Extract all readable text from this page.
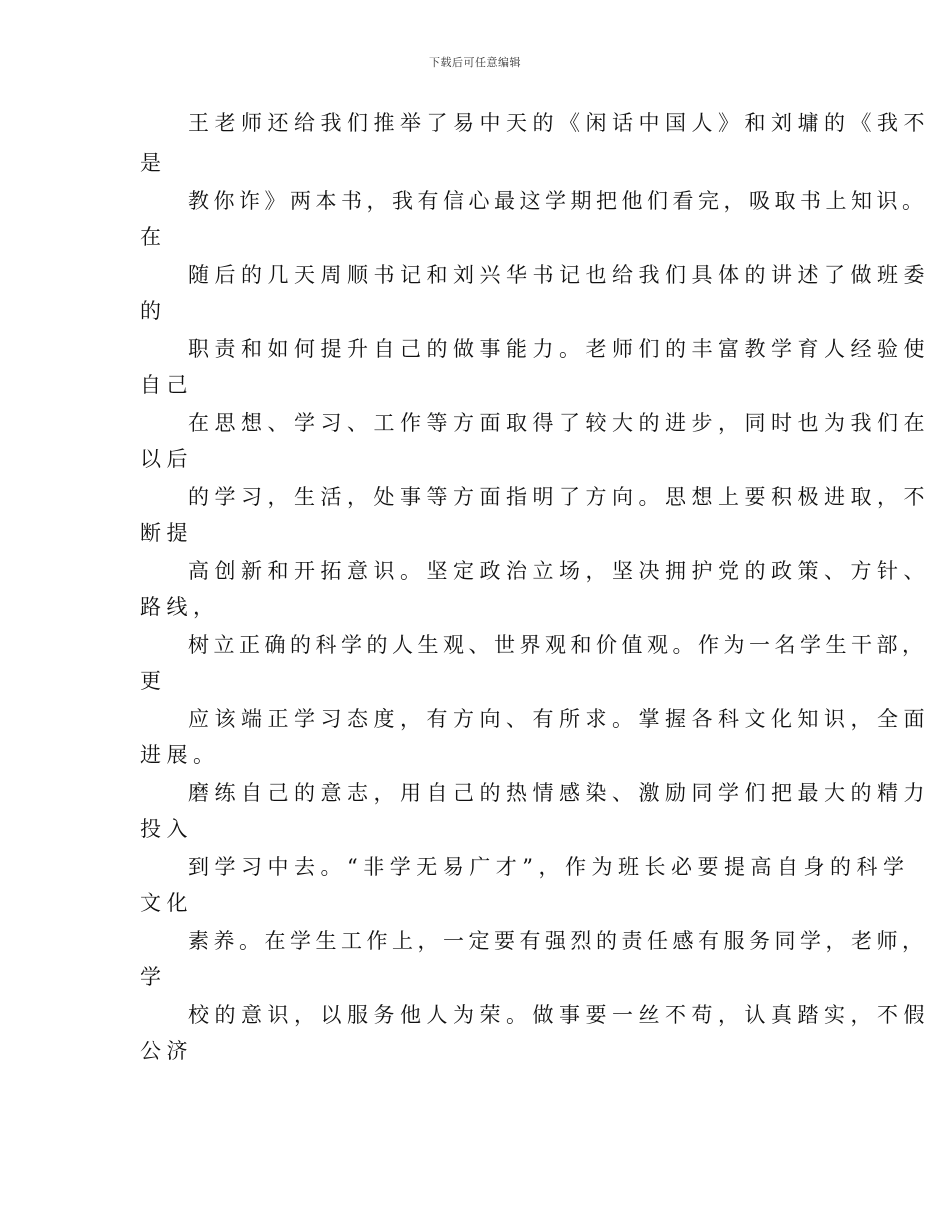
下载后可任意编辑
王老师还给我们推举了易中天的《闲话中国人》和刘墉的《我不
是
教你诈》两本书，我有信心最这学期把他们看完，吸取书上知识。
在
随后的几天周顺书记和刘兴华书记也给我们具体的讲述了做班委
的
职责和如何提升自己的做事能力。老师们的丰富教学育人经验使
自己
在思想、学习、工作等方面取得了较大的进步，同时也为我们在
以后
的学习，生活，处事等方面指明了方向。思想上要积极进取，不
断提
高创新和开拓意识。坚定政治立场，坚决拥护党的政策、方针、
路线，
树立正确的科学的人生观、世界观和价值观。作为一名学生干部，
更
应该端正学习态度，有方向、有所求。掌握各科文化知识，全面
进展。
磨练自己的意志，用自己的热情感染、激励同学们把最大的精力
投入
到学习中去。“非学无易广才”，作为班长必要提高自身的科学
文化
素养。在学生工作上，一定要有强烈的责任感有服务同学，老师，
学
校的意识，以服务他人为荣。做事要一丝不苟，认真踏实，不假
公济
